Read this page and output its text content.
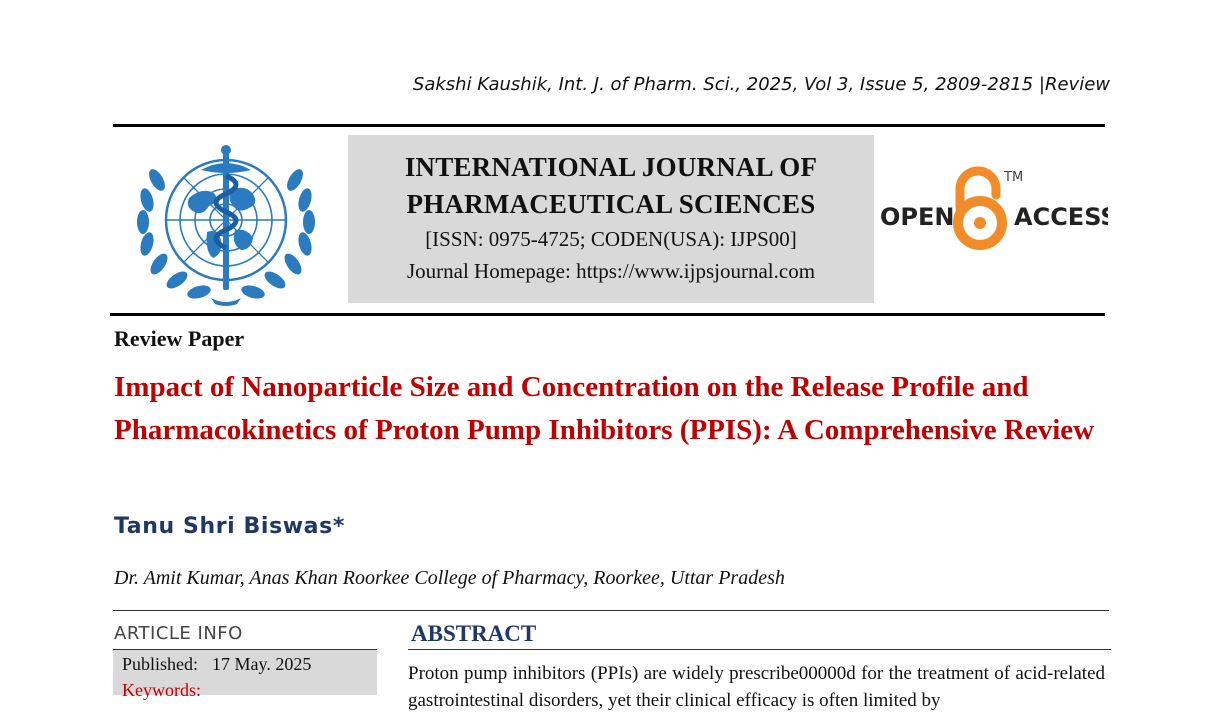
Sakshi Kaushik, Int. J. of Pharm. Sci., 2025, Vol 3, Issue 5, 2809-2815 |Review
INTERNATIONAL JOURNAL OF
PHARMACEUTICAL SCIENCES
[ISSN: 0975-4725; CODEN(USA): IJPS00]
Journal Homepage: https://www.ijpsjournal.com
OPEN ACCESS
TM
Review Paper
Impact of Nanoparticle Size and Concentration on the Release Profile and Pharmacokinetics of Proton Pump Inhibitors (PPIS): A Comprehensive Review
Tanu Shri Biswas*
Dr. Amit Kumar, Anas Khan Roorkee College of Pharmacy, Roorkee, Uttar Pradesh
ARTICLE INFO
Published: 17 May. 2025
Keywords:
ABSTRACT
Proton pump inhibitors (PPIs) are widely prescribe00000d for the treatment of acid-related gastrointestinal disorders, yet their clinical efficacy is often limited by
